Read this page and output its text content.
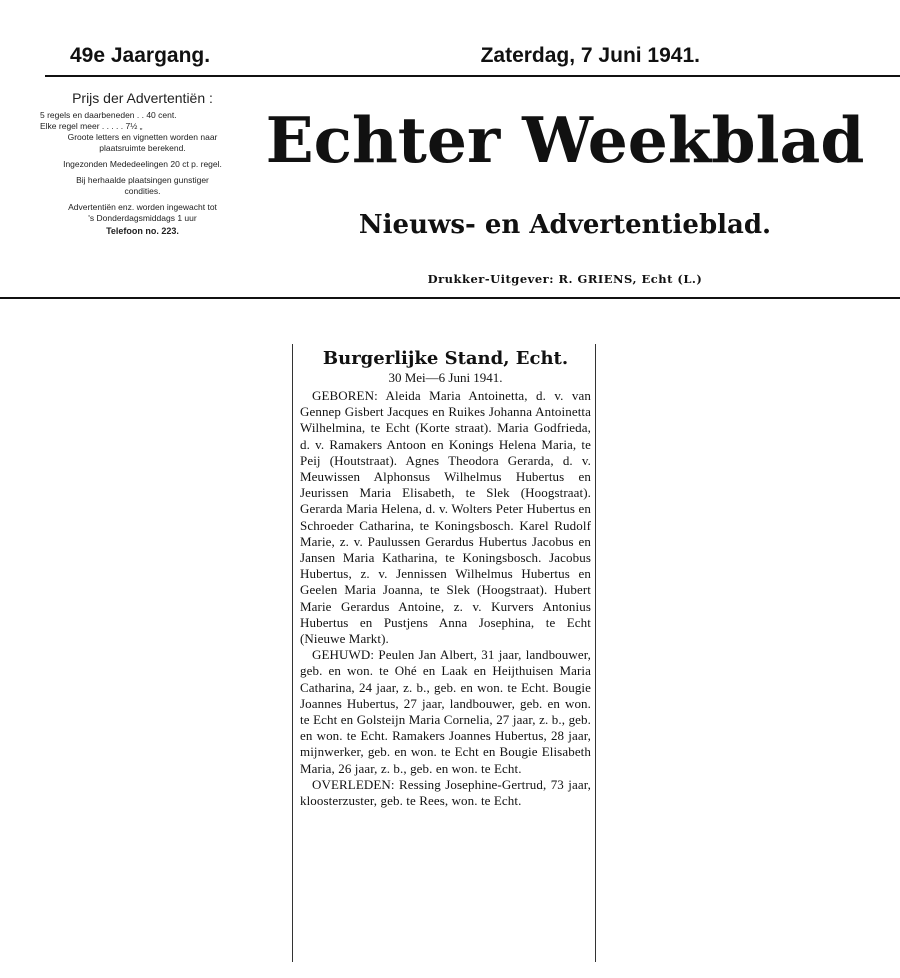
49e Jaargang.	Zaterdag, 7 Juni 1941.
Prijs der Advertentiën :
5 regels en daarbeneden . . 40 cent.
Elke regel meer . . . . . 7½ „
Groote letters en vignetten worden naar
plaatsruimte berekend.
Ingezonden Mededeelingen 20 ct p. regel.
Bij herhaalde plaatsingen gunstiger
condities.
Advertentiën enz. worden ingewacht tot
's Donderdagsmiddags 1 uur
Telefoon no. 223.
Echter Weekblad
Nieuws- en Advertentieblad.
Drukker-Uitgever: R. GRIENS, Echt (L.)
Burgerlijke Stand, Echt.
30 Mei—6 Juni 1941.

GEBOREN: Aleida Maria Antoinetta, d. v. van Gennep Gisbert Jacques en Ruikes Johanna Antoinetta Wilhelmina, te Echt (Korte straat). Maria Godfrieda, d. v. Ramakers Antoon en Konings Helena Maria, te Peij (Houtstraat). Agnes Theodora Gerarda, d. v. Meuwissen Alphonsus Wilhelmus Hubertus en Jeurissen Maria Elisabeth, te Slek (Hoogstraat). Gerarda Maria Helena, d. v. Wolters Peter Hubertus en Schroeder Catharina, te Koningsbosch. Karel Rudolf Marie, z. v. Paulussen Gerardus Hubertus Jacobus en Jansen Maria Katharina, te Koningsbosch. Jacobus Hubertus, z. v. Jennissen Wilhelmus Hubertus en Geelen Maria Joanna, te Slek (Hoogstraat). Hubert Marie Gerardus Antoine, z. v. Kurvers Antonius Hubertus en Pustjens Anna Josephina, te Echt (Nieuwe Markt).

GEHUWD: Peulen Jan Albert, 31 jaar, landbouwer, geb. en won. te Ohé en Laak en Heijthuisen Maria Catharina, 24 jaar, z. b., geb. en won. te Echt. Bougie Joannes Hubertus, 27 jaar, landbouwer, geb. en won. te Echt en Golsteijn Maria Cornelia, 27 jaar, z. b., geb. en won. te Echt. Ramakers Joannes Hubertus, 28 jaar, mijnwerker, geb. en won. te Echt en Bougie Elisabeth Maria, 26 jaar, z. b., geb. en won. te Echt.

OVERLEDEN: Ressing Josephine-Gertrud, 73 jaar, kloosterzuster, geb. te Rees, won. te Echt.
